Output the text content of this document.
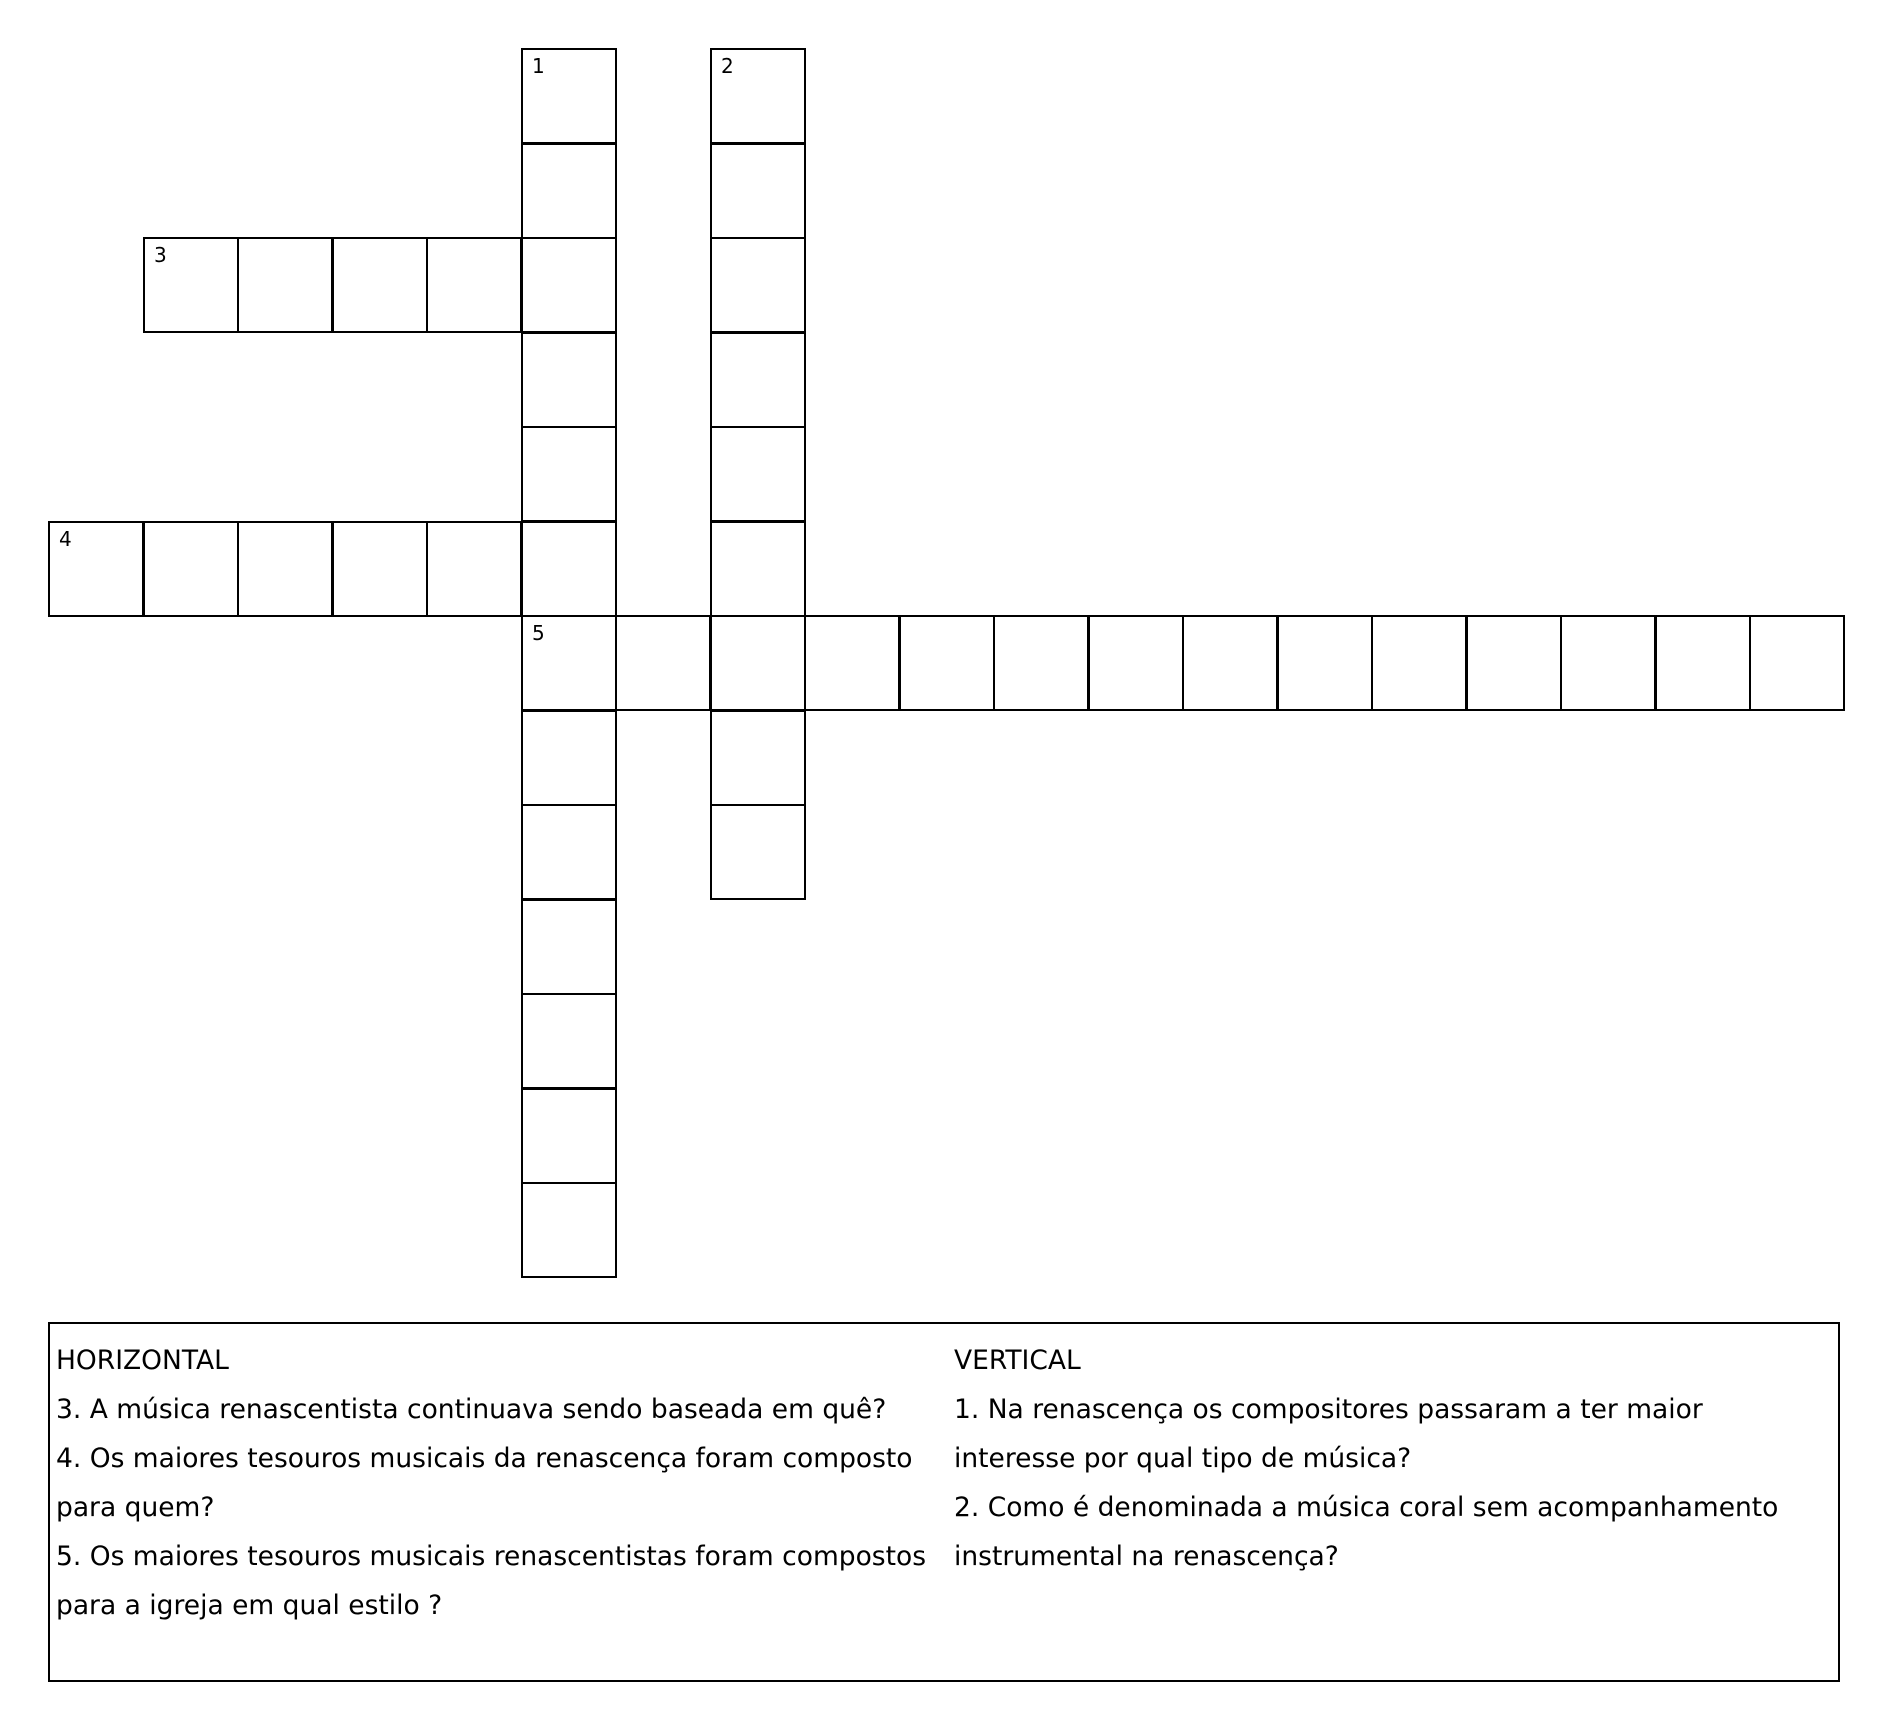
1
5
2
3
4
HORIZONTAL
3. A música renascentista continuava sendo baseada em quê?
4. Os maiores tesouros musicais da renascença foram composto
para quem?
5. Os maiores tesouros musicais renascentistas foram compostos
para a igreja em qual estilo ?
VERTICAL
1. Na renascença os compositores passaram a ter maior
interesse por qual tipo de música?
2. Como é denominada a música coral sem acompanhamento
instrumental na renascença?
